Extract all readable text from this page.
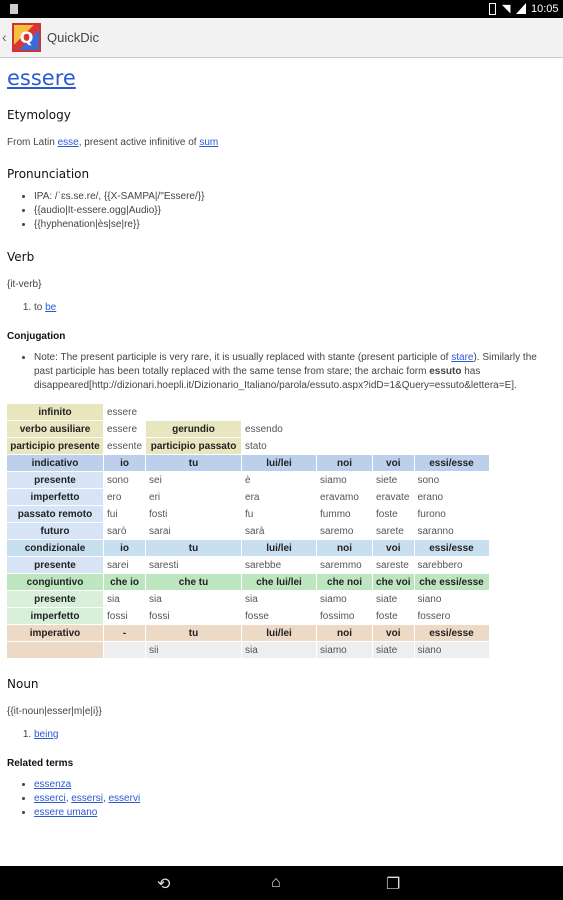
◥ 10:05
‹ Q	QuickDic
essere
Etymology

From Latin esse, present active infinitive of sum

Pronunciation
• IPA: /ˈɛs.se.re/, {{X-SAMPA|/"Essere/}}
• {{audio|It-essere.ogg|Audio}}
• {{hyphenation|ès|se|re}}
Verb

{it-verb}

1. to be
Conjugation
• Note: The present participle is very rare, it is usually replaced with stante (present participle of stare). Similarly the past participle has been totally replaced with the same tense from stare; the archaic form essuto has disappeared[http://dizionari.hoepli.it/Dizionario_Italiano/parola/essuto.aspx?idD=1&Query=essuto&lettera=E].
infinito	essere					
verbo ausiliare	essere	gerundio	essendo			
participio presente	essente	participio passato	stato			
indicativo	io	tu	lui/lei	noi	voi	essi/esse
presente	sono	sei	è	siamo	siete	sono
imperfetto	ero	eri	era	eravamo	eravate	erano
passato remoto	fui	fosti	fu	fummo	foste	furono
futuro	sarò	sarai	sarà	saremo	sarete	saranno
condizionale	io	tu	lui/lei	noi	voi	essi/esse
presente	sarei	saresti	sarebbe	saremmo	sareste	sarebbero
congiuntivo	che io	che tu	che lui/lei	che noi	che voi	che essi/esse
presente	sia	sia	sia	siamo	siate	siano
imperfetto	fossi	fossi	fosse	fossimo	foste	fossero
imperativo	-	tu	lui/lei	noi	voi	essi/esse
		sii	sia	siamo	siate	siano
Noun

{{it-noun|esser|m|e|i}}

1. being
Related terms
• essenza
• esserci, essersi, esservi
• essere umano
⟲	⌂	❐
